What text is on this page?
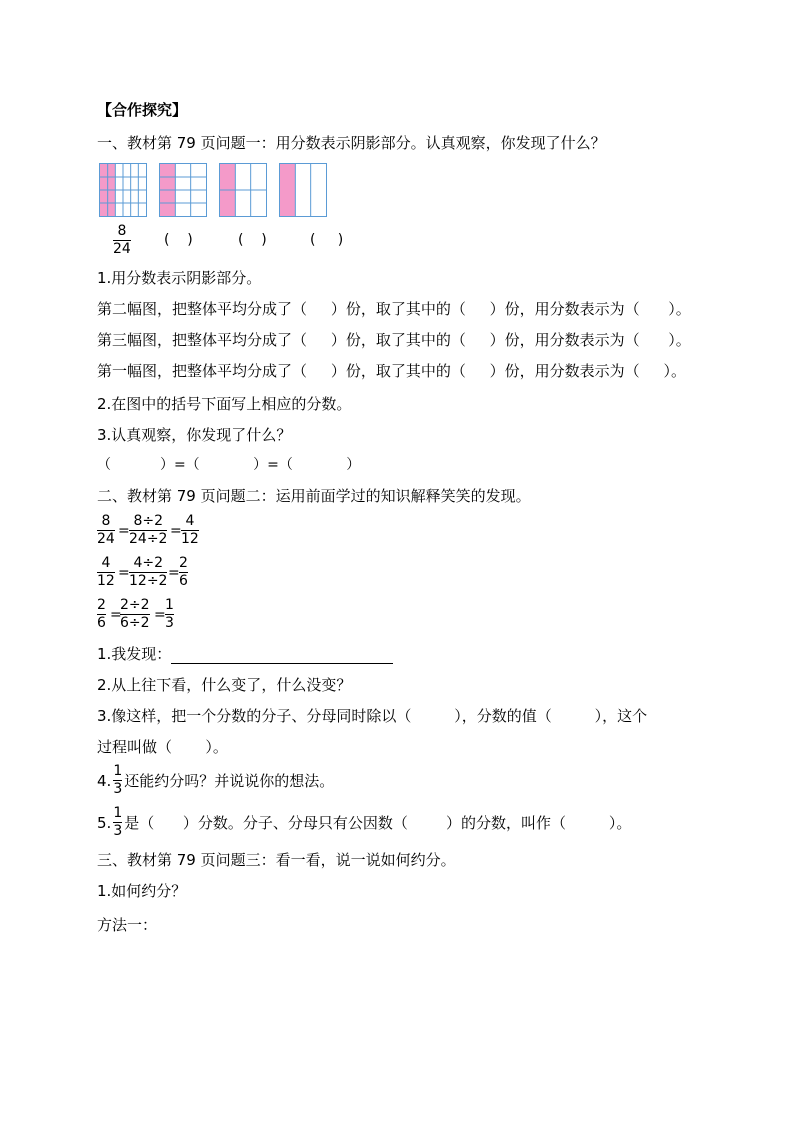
【合作探究】
一、教材第 79 页问题一：用分数表示阴影部分。认真观察，你发现了什么？
8
24
(    )	(    )	(     )
1.用分数表示阴影部分。
第二幅图，把整体平均分成了（     ）份，取了其中的（     ）份，用分数表示为（      ）。
第三幅图，把整体平均分成了（     ）份，取了其中的（     ）份，用分数表示为（      ）。
第一幅图，把整体平均分成了（     ）份，取了其中的（     ）份，用分数表示为（     ）。
2.在图中的括号下面写上相应的分数。
3.认真观察，你发现了什么？
（           ）=（            ）=（            ）
二、教材第 79 页问题二：运用前面学过的知识解释笑笑的发现。
8
24 =
8÷2
24÷2 =
4
12
4
12 =
4÷2
12÷2 =
2
6
2
6 =
2÷2
6÷2 =
1
3
1.我发现：
2.从上往下看，什么变了，什么没变？
3.像这样，把一个分数的分子、分母同时除以（         ），分数的值（         ），这个
过程叫做（       ）。
4. $\frac{1}{3}$ 还能约分吗？并说说你的想法。
5. $\frac{1}{3}$ 是（      ）分数。分子、分母只有公因数（        ）的分数，叫作（         ）。
三、教材第 79 页问题三：看一看，说一说如何约分。
1.如何约分？
方法一：
